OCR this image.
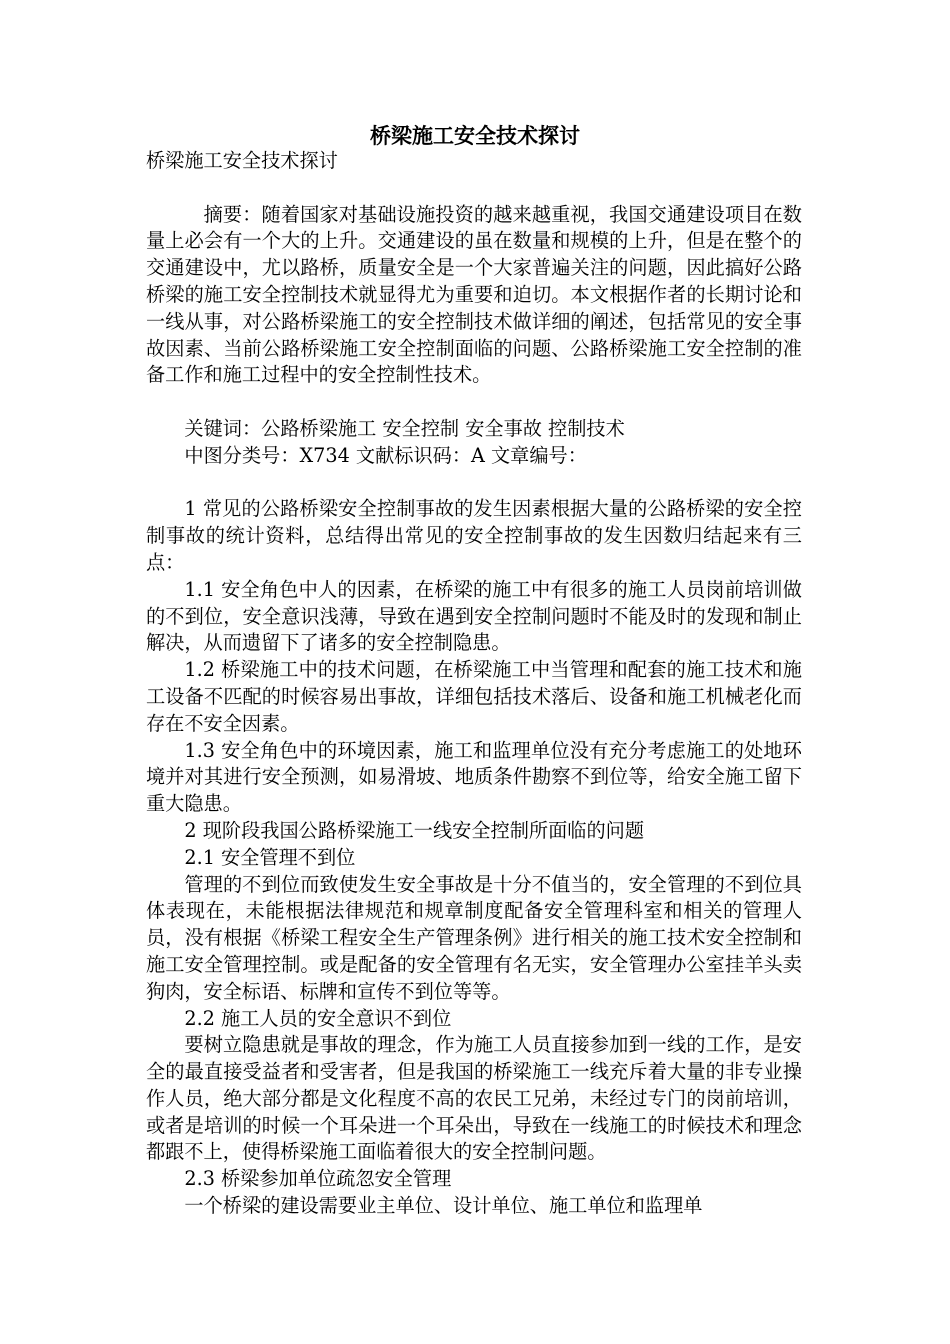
桥梁施工安全技术探讨

桥梁施工安全技术探讨

摘要：随着国家对基础设施投资的越来越重视，我国交通建设项目在数量上必会有一个大的上升。交通建设的虽在数量和规模的上升，但是在整个的交通建设中，尤以路桥，质量安全是一个大家普遍关注的问题，因此搞好公路桥梁的施工安全控制技术就显得尤为重要和迫切。本文根据作者的长期讨论和一线从事，对公路桥梁施工的安全控制技术做详细的阐述，包括常见的安全事故因素、当前公路桥梁施工安全控制面临的问题、公路桥梁施工安全控制的准备工作和施工过程中的安全控制性技术。

关键词：公路桥梁施工 安全控制 安全事故 控制技术

中图分类号：X734 文献标识码：A 文章编号：

1 常见的公路桥梁安全控制事故的发生因素根据大量的公路桥梁的安全控制事故的统计资料，总结得出常见的安全控制事故的发生因数归结起来有三点：

1.1 安全角色中人的因素，在桥梁的施工中有很多的施工人员岗前培训做的不到位，安全意识浅薄，导致在遇到安全控制问题时不能及时的发现和制止解决，从而遗留下了诸多的安全控制隐患。

1.2 桥梁施工中的技术问题，在桥梁施工中当管理和配套的施工技术和施工设备不匹配的时候容易出事故，详细包括技术落后、设备和施工机械老化而存在不安全因素。

1.3 安全角色中的环境因素，施工和监理单位没有充分考虑施工的处地环境并对其进行安全预测，如易滑坡、地质条件勘察不到位等，给安全施工留下重大隐患。

2 现阶段我国公路桥梁施工一线安全控制所面临的问题

2.1 安全管理不到位

管理的不到位而致使发生安全事故是十分不值当的，安全管理的不到位具体表现在，未能根据法律规范和规章制度配备安全管理科室和相关的管理人员，没有根据《桥梁工程安全生产管理条例》进行相关的施工技术安全控制和施工安全管理控制。或是配备的安全管理有名无实，安全管理办公室挂羊头卖狗肉，安全标语、标牌和宣传不到位等等。

2.2 施工人员的安全意识不到位

要树立隐患就是事故的理念，作为施工人员直接参加到一线的工作，是安全的最直接受益者和受害者，但是我国的桥梁施工一线充斥着大量的非专业操作人员，绝大部分都是文化程度不高的农民工兄弟，未经过专门的岗前培训，或者是培训的时候一个耳朵进一个耳朵出，导致在一线施工的时候技术和理念都跟不上，使得桥梁施工面临着很大的安全控制问题。

2.3 桥梁参加单位疏忽安全管理

一个桥梁的建设需要业主单位、设计单位、施工单位和监理单
